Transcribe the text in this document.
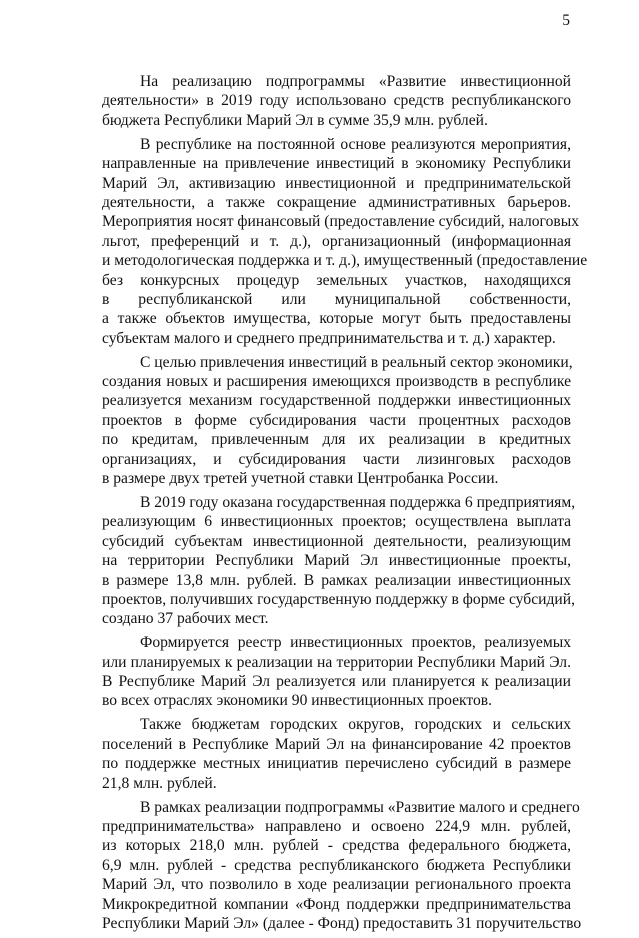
5

На реализацию подпрограммы «Развитие инвестиционной
деятельности» в 2019 году использовано средств республиканского
бюджета Республики Марий Эл в сумме 35,9 млн. рублей.

В республике на постоянной основе реализуются мероприятия,
направленные на привлечение инвестиций в экономику Республики
Марий Эл, активизацию инвестиционной и предпринимательской
деятельности, а также сокращение административных барьеров.
Мероприятия носят финансовый (предоставление субсидий, налоговых
льгот, преференций и т. д.), организационный (информационная
и методологическая поддержка и т. д.), имущественный (предоставление
без конкурсных процедур земельных участков, находящихся
в республиканской или муниципальной собственности,
а также объектов имущества, которые могут быть предоставлены
субъектам малого и среднего предпринимательства и т. д.) характер.

С целью привлечения инвестиций в реальный сектор экономики,
создания новых и расширения имеющихся производств в республике
реализуется механизм государственной поддержки инвестиционных
проектов в форме субсидирования части процентных расходов
по кредитам, привлеченным для их реализации в кредитных
организациях, и субсидирования части лизинговых расходов
в размере двух третей учетной ставки Центробанка России.

В 2019 году оказана государственная поддержка 6 предприятиям,
реализующим 6 инвестиционных проектов; осуществлена выплата
субсидий субъектам инвестиционной деятельности, реализующим
на территории Республики Марий Эл инвестиционные проекты,
в размере 13,8 млн. рублей. В рамках реализации инвестиционных
проектов, получивших государственную поддержку в форме субсидий,
создано 37 рабочих мест.

Формируется реестр инвестиционных проектов, реализуемых
или планируемых к реализации на территории Республики Марий Эл.
В Республике Марий Эл реализуется или планируется к реализации
во всех отраслях экономики 90 инвестиционных проектов.

Также бюджетам городских округов, городских и сельских
поселений в Республике Марий Эл на финансирование 42 проектов
по поддержке местных инициатив перечислено субсидий в размере
21,8 млн. рублей.

В рамках реализации подпрограммы «Развитие малого и среднего
предпринимательства» направлено и освоено 224,9 млн. рублей,
из которых 218,0 млн. рублей - средства федерального бюджета,
6,9 млн. рублей - средства республиканского бюджета Республики
Марий Эл, что позволило в ходе реализации регионального проекта
Микрокредитной компании «Фонд поддержки предпринимательства
Республики Марий Эл» (далее - Фонд) предоставить 31 поручительство
